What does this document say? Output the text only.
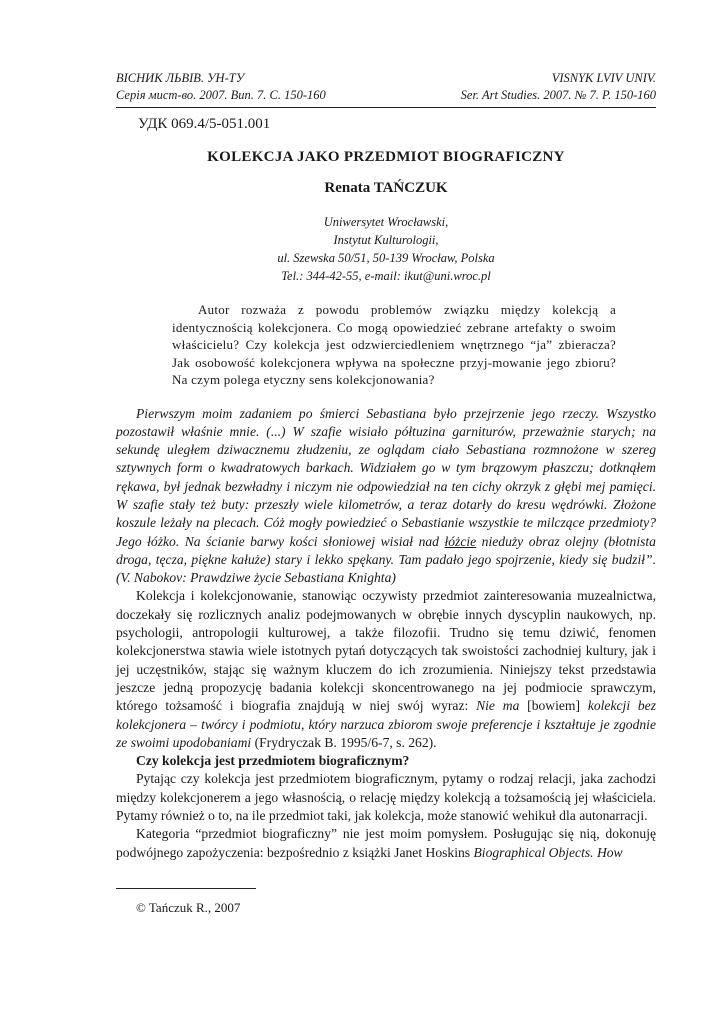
ВІСНИК ЛЬВІВ. УН-ТУ
Серія мист-во. 2007. Вип. 7. С. 150-160
VISNYK LVIV UNIV.
Ser. Art Studies. 2007. № 7. P. 150-160
УДК 069.4/5-051.001
KOLEKCJA JAKO PRZEDMIOT BIOGRAFICZNY
Renata TAŃCZUK
Uniwersytet Wrocławski,
Instytut Kulturologii,
ul. Szewska 50/51, 50-139 Wrocław, Polska
Tel.: 344-42-55, e-mail: ikut@uni.wroc.pl
Autor rozważa z powodu problemów związku między kolekcją a identycznością kolekcjonera. Co mogą opowiedzieć zebrane artefakty o swoim właścicielu? Czy kolekcja jest odzwierciedleniem wnętrznego “ja” zbieracza? Jak osobowość kolekcjonera wpływa na społeczne przyj-mowanie jego zbioru? Na czym polega etyczny sens kolekcjonowania?

Pierwszym moim zadaniem po śmierci Sebastiana było przejrzenie jego rzeczy. Wszystko pozostawił właśnie mnie. (...) W szafie wisiało półtuzina garniturów, przeważnie starych; na sekundę uległem dziwacznemu złudzeniu, ze oglądam ciało Sebastiana rozmnożone w szereg sztywnych form o kwadratowych barkach. Widziałem go w tym brązowym płaszczu; dotknąłem rękawa, był jednak bezwładny i niczym nie odpowiedział na ten cichy okrzyk z głębi mej pamięci. W szafie stały też buty: przeszły wiele kilometrów, a teraz dotarły do kresu wędrówki. Złożone koszule leżały na plecach. Cóż mogły powiedzieć o Sebastianie wszystkie te milczące przedmioty? Jego łóżko. Na ścianie barwy kości słoniowej wisiał nad łóżcie nieduży obraz olejny (błotnista droga, tęcza, piękne kałuże) stary i lekko spękany. Tam padało jego spojrzenie, kiedy się budził”. (V. Nabokov: Prawdziwe życie Sebastiana Knighta)

Kolekcja i kolekcjonowanie, stanowiąc oczywisty przedmiot zainteresowania muzealnictwa, doczekały się rozlicznych analiz podejmowanych w obrębie innych dyscyplin naukowych, np. psychologii, antropologii kulturowej, a także filozofii. Trudno się temu dziwić, fenomen kolekcjonerstwa stawia wiele istotnych pytań dotyczących tak swoistości zachodniej kultury, jak i jej uczęstników, stając się ważnym kluczem do ich zrozumienia. Niniejszy tekst przedstawia jeszcze jedną propozycję badania kolekcji skoncentrowanego na jej podmiocie sprawczym, którego tożsamość i biografia znajdują w niej swój wyraz: Nie ma [bowiem] kolekcji bez kolekcjonera – twórcy i podmiotu, który narzuca zbiorom swoje preferencje i kształtuje je zgodnie ze swoimi upodobaniami (Frydryczak B. 1995/6-7, s. 262).

Czy kolekcja jest przedmiotem biograficznym?

Pytając czy kolekcja jest przedmiotem biograficznym, pytamy o rodzaj relacji, jaka zachodzi między kolekcjonerem a jego własnością, o relację między kolekcją a tożsamością jej właściciela. Pytamy również o to, na ile przedmiot taki, jak kolekcja, może stanowić wehikuł dla autonarracji.

Kategoria “przedmiot biograficzny” nie jest moim pomysłem. Posługując się nią, dokonuję podwójnego zapożyczenia: bezpośrednio z książki Janet Hoskins Biographical Objects. How

© Tańczuk R., 2007
